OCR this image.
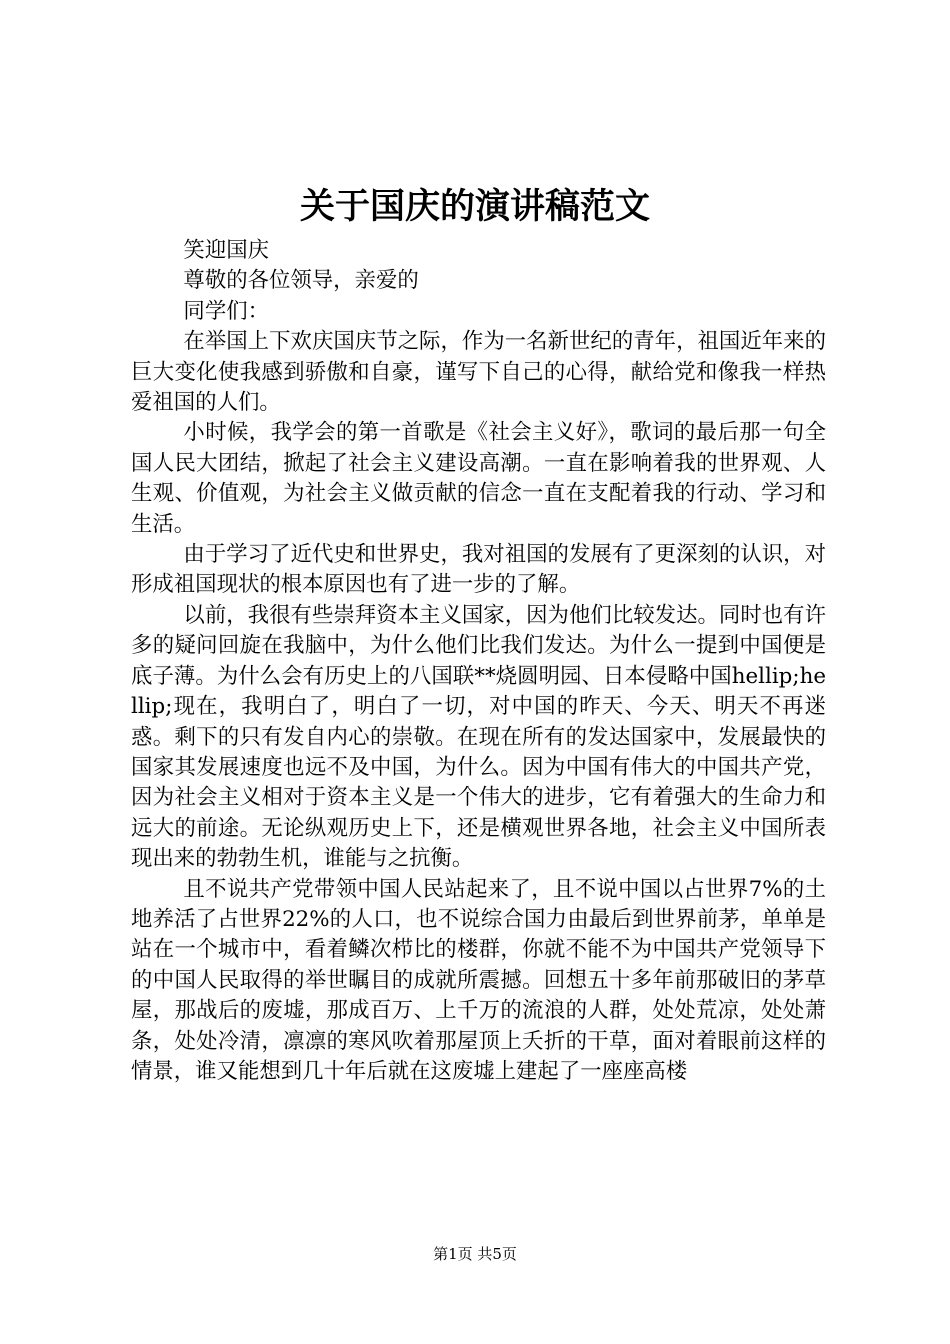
关于国庆的演讲稿范文

笑迎国庆

尊敬的各位领导，亲爱的

同学们：

在举国上下欢庆国庆节之际，作为一名新世纪的青年，祖国近年来的巨大变化使我感到骄傲和自豪，谨写下自己的心得，献给党和像我一样热爱祖国的人们。

小时候，我学会的第一首歌是《社会主义好》，歌词的最后那一句全国人民大团结，掀起了社会主义建设高潮。一直在影响着我的世界观、人生观、价值观，为社会主义做贡献的信念一直在支配着我的行动、学习和生活。

由于学习了近代史和世界史，我对祖国的发展有了更深刻的认识，对形成祖国现状的根本原因也有了进一步的了解。

以前，我很有些崇拜资本主义国家，因为他们比较发达。同时也有许多的疑问回旋在我脑中，为什么他们比我们发达。为什么一提到中国便是底子薄。为什么会有历史上的八国联**烧圆明园、日本侵略中国hellip;hellip;现在，我明白了，明白了一切，对中国的昨天、今天、明天不再迷惑。剩下的只有发自内心的崇敬。在现在所有的发达国家中，发展最快的国家其发展速度也远不及中国，为什么。因为中国有伟大的中国共产党，因为社会主义相对于资本主义是一个伟大的进步，它有着强大的生命力和远大的前途。无论纵观历史上下，还是横观世界各地，社会主义中国所表现出来的勃勃生机，谁能与之抗衡。

且不说共产党带领中国人民站起来了，且不说中国以占世界7%的土地养活了占世界22%的人口，也不说综合国力由最后到世界前茅，单单是站在一个城市中，看着鳞次栉比的楼群，你就不能不为中国共产党领导下的中国人民取得的举世瞩目的成就所震撼。回想五十多年前那破旧的茅草屋，那战后的废墟，那成百万、上千万的流浪的人群，处处荒凉，处处萧条，处处冷清，凛凛的寒风吹着那屋顶上夭折的干草，面对着眼前这样的情景，谁又能想到几十年后就在这废墟上建起了一座座高楼

第1页 共5页
